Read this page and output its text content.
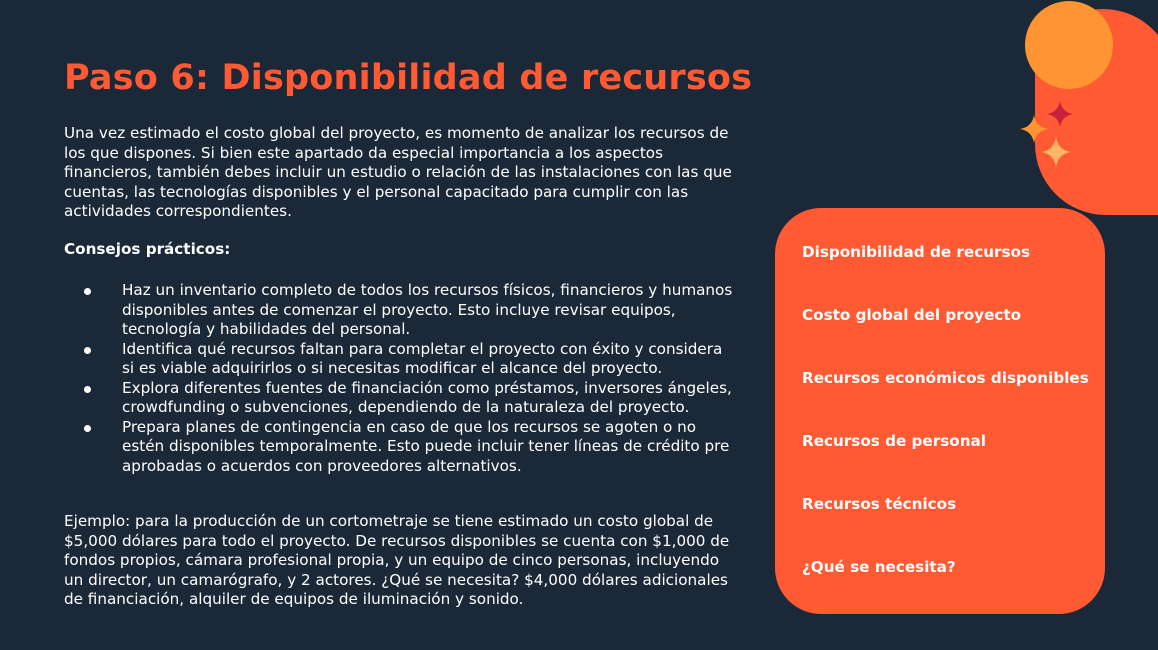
Paso 6: Disponibilidad de recursos

Una vez estimado el costo global del proyecto, es momento de analizar los recursos de los que dispones. Si bien este apartado da especial importancia a los aspectos financieros, también debes incluir un estudio o relación de las instalaciones con las que cuentas, las tecnologías disponibles y el personal capacitado para cumplir con las actividades correspondientes.

Consejos prácticos:

Haz un inventario completo de todos los recursos físicos, financieros y humanos disponibles antes de comenzar el proyecto. Esto incluye revisar equipos, tecnología y habilidades del personal.
Identifica qué recursos faltan para completar el proyecto con éxito y considera si es viable adquirirlos o si necesitas modificar el alcance del proyecto.
Explora diferentes fuentes de financiación como préstamos, inversores ángeles, crowdfunding o subvenciones, dependiendo de la naturaleza del proyecto.
Prepara planes de contingencia en caso de que los recursos se agoten o no estén disponibles temporalmente. Esto puede incluir tener líneas de crédito pre aprobadas o acuerdos con proveedores alternativos.

Ejemplo: para la producción de un cortometraje se tiene estimado un costo global de $5,000 dólares para todo el proyecto. De recursos disponibles se cuenta con $1,000 de fondos propios, cámara profesional propia, y un equipo de cinco personas, incluyendo un director, un camarógrafo, y 2 actores. ¿Qué se necesita? $4,000 dólares adicionales de financiación, alquiler de equipos de iluminación y sonido.

Disponibilidad de recursos
Costo global del proyecto
Recursos económicos disponibles
Recursos de personal
Recursos técnicos
¿Qué se necesita?
